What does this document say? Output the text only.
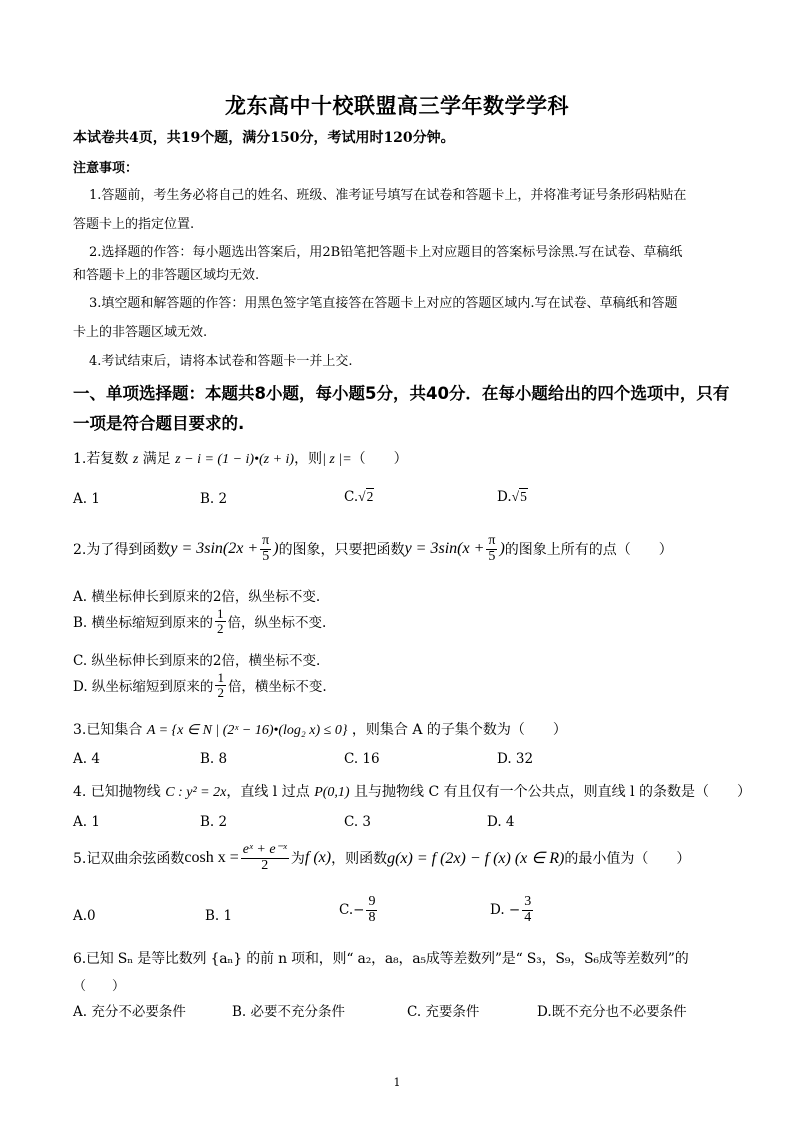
龙东高中十校联盟高三学年数学学科
本试卷共4页，共19个题，满分150分，考试用时120分钟。
注意事项：
1.答题前，考生务必将自己的姓名、班级、准考证号填写在试卷和答题卡上，并将准考证号条形码粘贴在
答题卡上的指定位置.
2.选择题的作答：每小题选出答案后，用2B铅笔把答题卡上对应题目的答案标号涂黑.写在试卷、草稿纸
和答题卡上的非答题区域均无效.
3.填空题和解答题的作答：用黑色签字笔直接答在答题卡上对应的答题区域内.写在试卷、草稿纸和答题
卡上的非答题区域无效.
4.考试结束后，请将本试卷和答题卡一并上交.
一、单项选择题：本题共8小题，每小题5分，共40分．在每小题给出的四个选项中，只有
一项是符合题目要求的.
1.若复数 z 满足 z − i = (1 − i)•(z + i)，则| z |=（　　）
A. 1	B. 2	C.√2	D.√5
2.为了得到函数 $y = 3\sin(2x + \frac{\pi}{5}$ ) 的图象，只要把函数 $y = 3\sin(x + \frac{\pi}{5}$ ) 的图象上所有的点（　　）
A. 横坐标伸长到原来的2倍，纵坐标不变.
B. 横坐标缩短到原来的 $\frac{1}{2}$ 倍，纵坐标不变.
C. 纵坐标伸长到原来的2倍，横坐标不变.
D. 纵坐标缩短到原来的 $\frac{1}{2}$ 倍，横坐标不变.
3.已知集合 A = {x ∈ N | (2ˣ − 16)•(log₂ x) ≤ 0} ，则集合 A 的子集个数为（　　）
A. 4	B. 8	C. 16	D. 32
4. 已知抛物线 C : y² = 2x，直线 l 过点 P(0,1) 且与抛物线 C 有且仅有一个公共点，则直线 l 的条数是（　　）
A. 1	B. 2	C. 3	D. 4
5.记双曲余弦函数 $\cosh x = \frac{\text{eˣ + e⁻ˣ}}{2}$ 为 f (x) ，则函数 g(x) = f (2x) − f (x) (x ∈ R) 的最小值为（　　）
A.0	B. 1	$C.- \frac{9}{8}$	D. − $\frac{3}{4}$
6.已知 Sₙ 是等比数列 {aₙ} 的前 n 项和，则“ a₂，a₈，a₅成等差数列”是“ S₃，S₉，S₆成等差数列”的
（　　）
A. 充分不必要条件	B. 必要不充分条件	C. 充要条件	D.既不充分也不必要条件
1
